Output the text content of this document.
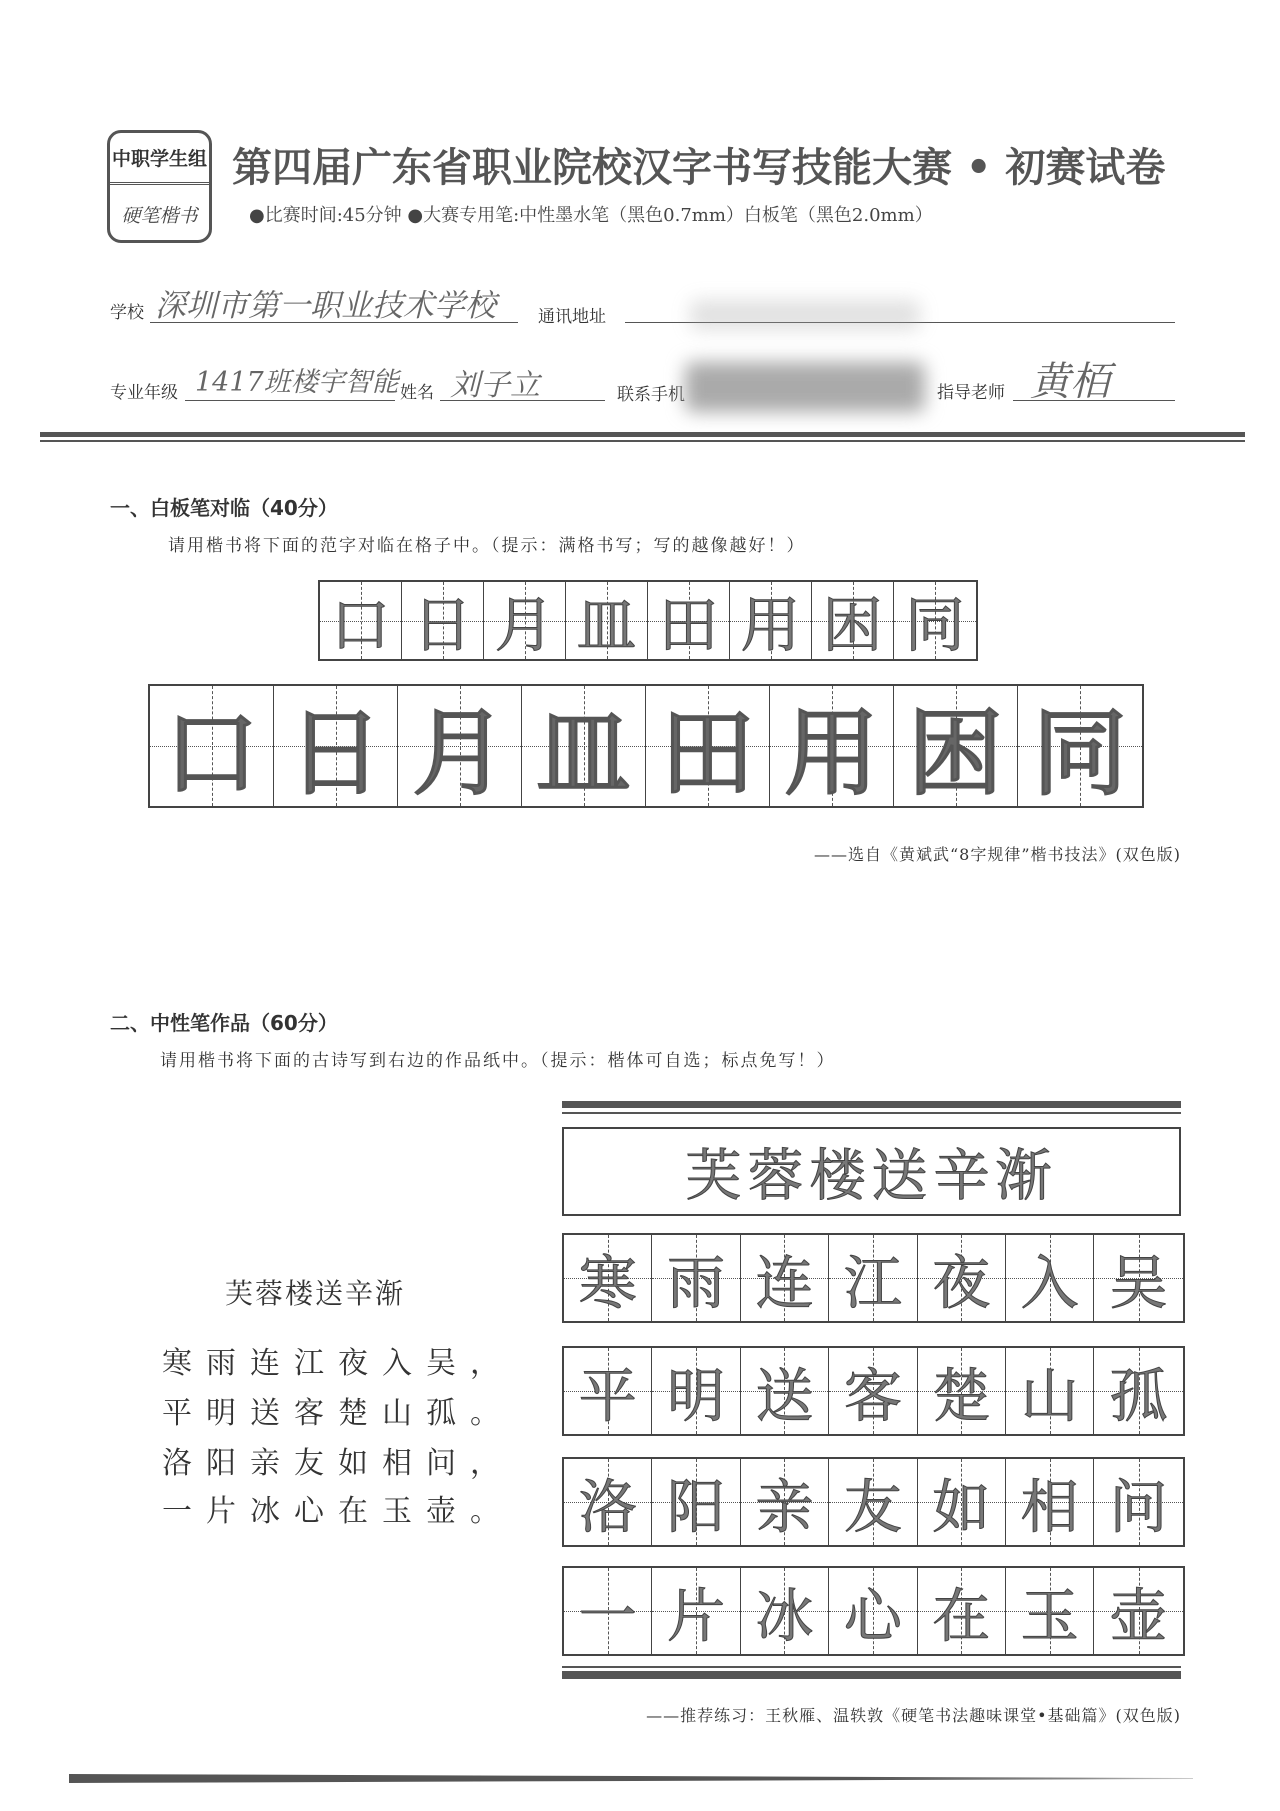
中职学生组
硬笔楷书
第四届广东省职业院校汉字书写技能大赛 • 初赛试卷
●比赛时间:45分钟 ●大赛专用笔:中性墨水笔（黑色0.7mm）白板笔（黑色2.0mm）
学校 深圳市第一职业技术学校 通讯地址
专业年级 1417班楼宇智能 姓名 刘子立	联系手机	指导老师 黄栢
一、白板笔对临（40分）
请用楷书将下面的范字对临在格子中。（提示：满格书写；写的越像越好！）
口 日 月 皿 田 用 困 同
口 日 月 皿 田 用 困 同
——选自《黄斌武“8字规律”楷书技法》(双色版)
二、中性笔作品（60分）
请用楷书将下面的古诗写到右边的作品纸中。（提示：楷体可自选；标点免写！）
芙蓉楼送辛渐
寒雨连江夜入吴，
平明送客楚山孤。
洛阳亲友如相问，
一片冰心在玉壶。
芙蓉楼送辛渐
寒 雨 连 江 夜 入 吴
平 明 送 客 楚 山 孤
洛 阳 亲 友 如 相 问
一 片 冰 心 在 玉 壶
——推荐练习：王秋雁、温轶敦《硬笔书法趣味课堂•基础篇》(双色版)
